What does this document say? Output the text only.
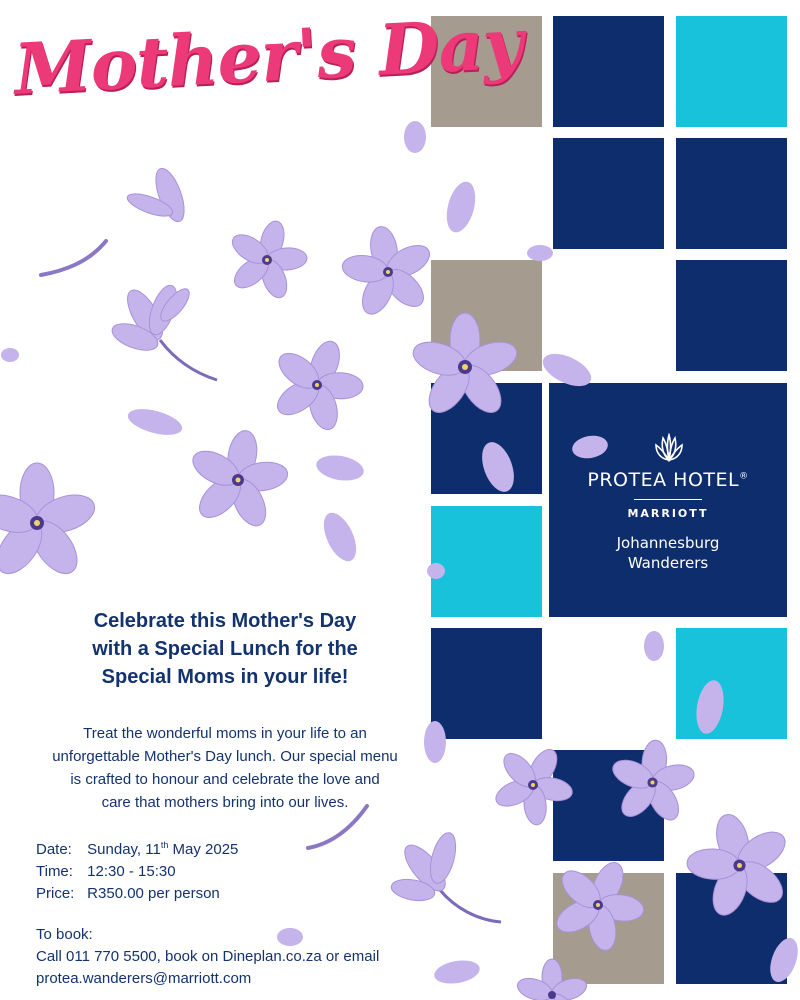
PROTEA HOTEL®
MARRIOTT
Johannesburg
Wanderers
Mother's Day
Celebrate this Mother's Day
with a Special Lunch for the
Special Moms in your life!
Treat the wonderful moms in your life to an
unforgettable Mother's Day lunch. Our special menu
is crafted to honour and celebrate the love and
care that mothers bring into our lives.
Date: Sunday, 11th May 2025
Time: 12:30 - 15:30
Price: R350.00 per person
To book:
Call 011 770 5500, book on Dineplan.co.za or email
protea.wanderers@marriott.com
